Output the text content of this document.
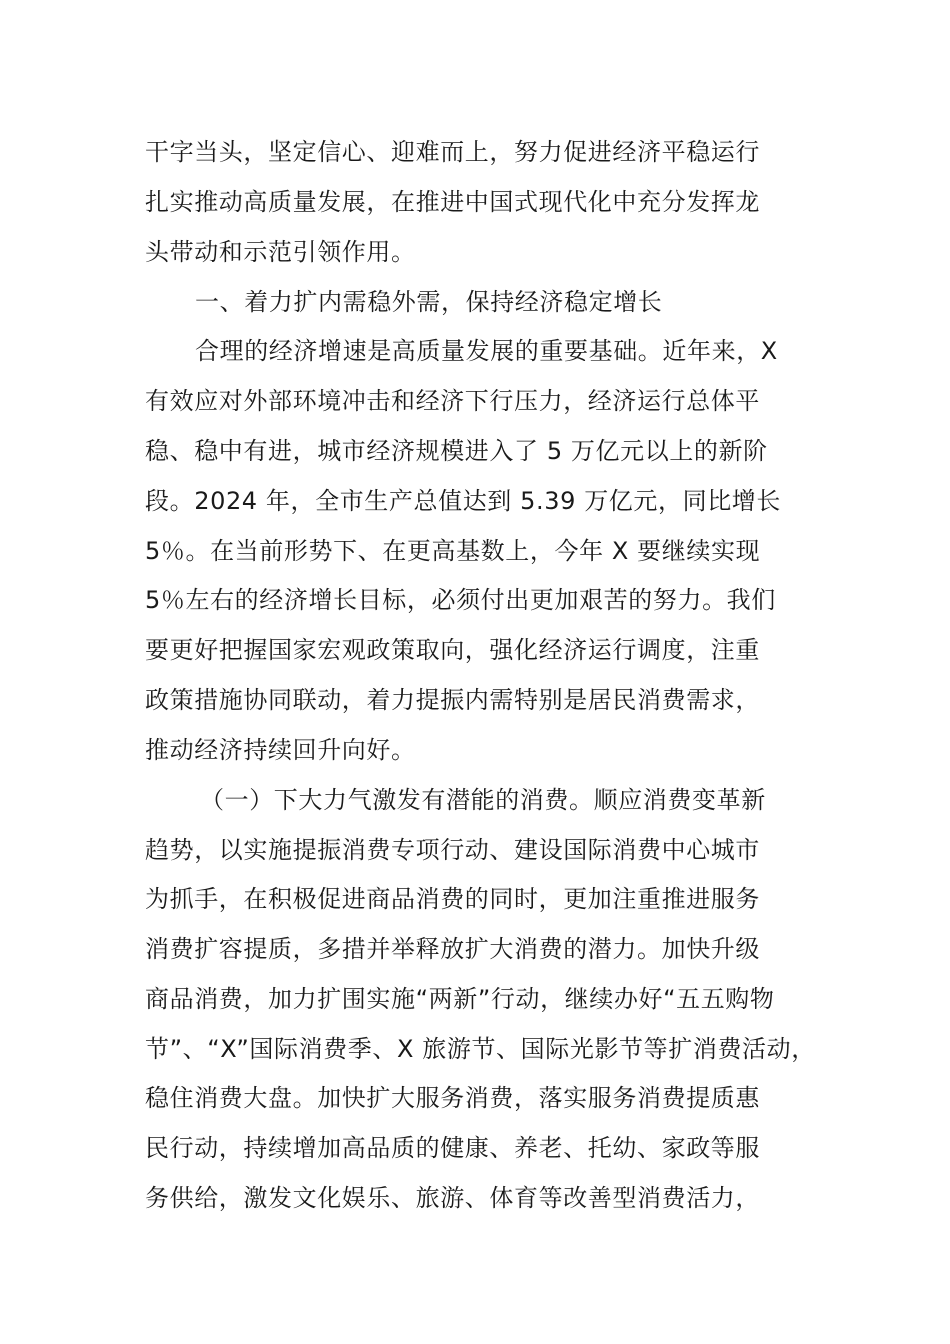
干字当头，坚定信心、迎难而上，努力促进经济平稳运行
扎实推动高质量发展，在推进中国式现代化中充分发挥龙
头带动和示范引领作用。
一、着力扩内需稳外需，保持经济稳定增长
合理的经济增速是高质量发展的重要基础。近年来，X
有效应对外部环境冲击和经济下行压力，经济运行总体平
稳、稳中有进，城市经济规模进入了 5 万亿元以上的新阶
段。2024 年，全市生产总值达到 5.39 万亿元，同比增长
5％。在当前形势下、在更高基数上，今年 X 要继续实现
5％左右的经济增长目标，必须付出更加艰苦的努力。我们
要更好把握国家宏观政策取向，强化经济运行调度，注重
政策措施协同联动，着力提振内需特别是居民消费需求，
推动经济持续回升向好。
（一）下大力气激发有潜能的消费。顺应消费变革新
趋势，以实施提振消费专项行动、建设国际消费中心城市
为抓手，在积极促进商品消费的同时，更加注重推进服务
消费扩容提质，多措并举释放扩大消费的潜力。加快升级
商品消费，加力扩围实施“两新”行动，继续办好“五五购物
节”、“X”国际消费季、X 旅游节、国际光影节等扩消费活动，
稳住消费大盘。加快扩大服务消费，落实服务消费提质惠
民行动，持续增加高品质的健康、养老、托幼、家政等服
务供给，激发文化娱乐、旅游、体育等改善型消费活力，
